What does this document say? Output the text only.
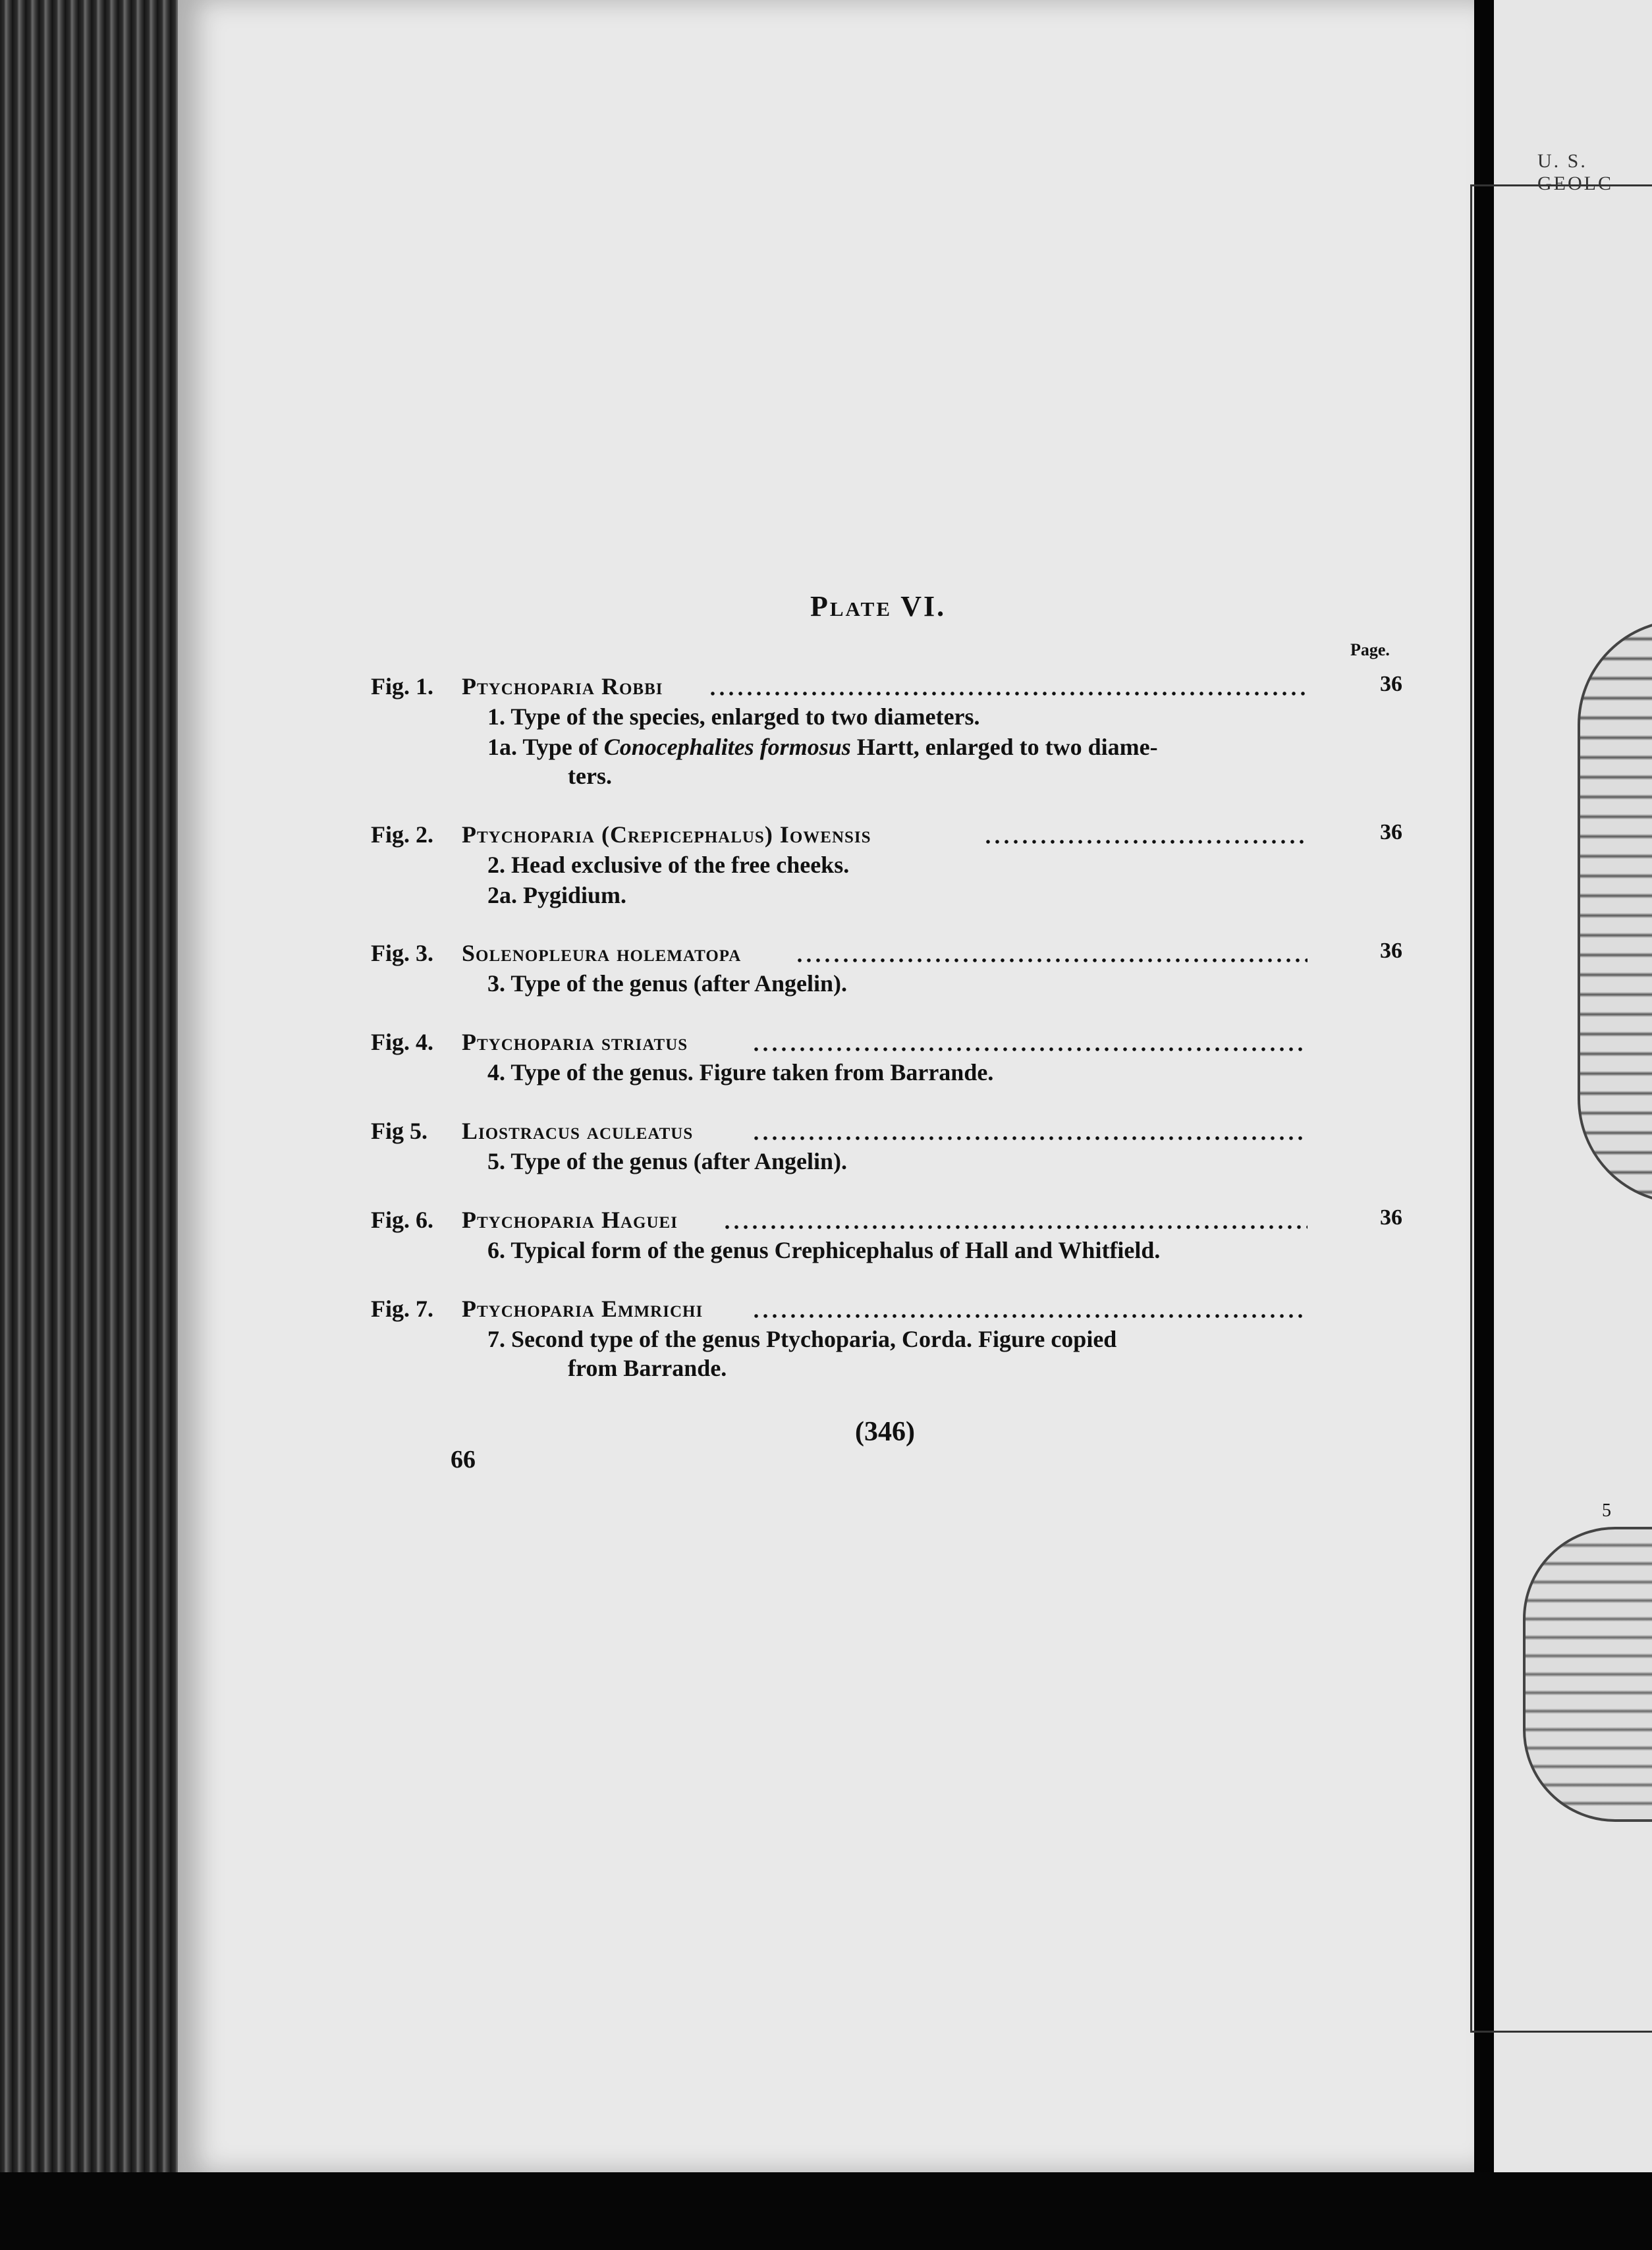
U. S. GEOLC
5
Plate VI.
Page.
Fig. 1. Ptychoparia Robbi	36
1. Type of the species, enlarged to two diameters.
1a. Type of Conocephalites formosus Hartt, enlarged to two diame-
ters.
Fig. 2. Ptychoparia (Crepicephalus) Iowensis	36
2. Head exclusive of the free cheeks.
2a. Pygidium.
Fig. 3. Solenopleura holematopa	36
3. Type of the genus (after Angelin).
Fig. 4. Ptychoparia striatus
4. Type of the genus. Figure taken from Barrande.
Fig 5. Liostracus aculeatus
5. Type of the genus (after Angelin).
Fig. 6. Ptychoparia Haguei	36
6. Typical form of the genus Crephicephalus of Hall and Whitfield.
Fig. 7. Ptychoparia Emmrichi
7. Second type of the genus Ptychoparia, Corda. Figure copied
from Barrande.
(346)
66
